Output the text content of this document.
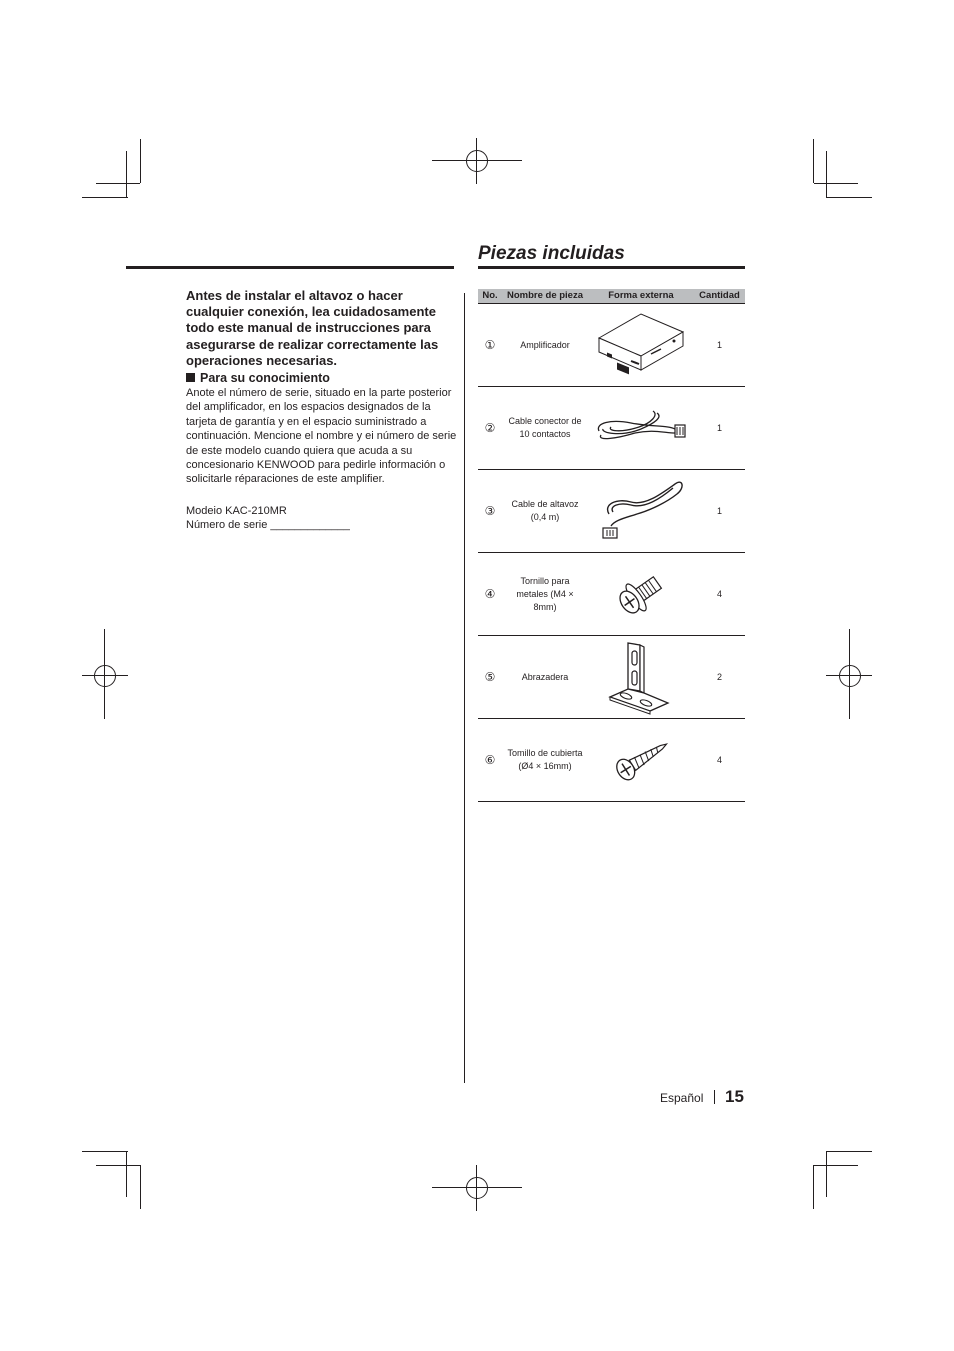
Piezas incluidas

Antes de instalar el altavoz o hacer cualquier conexión, lea cuidadosamente todo este manual de instrucciones para asegurarse de realizar correctamente las operaciones necesarias.

Para su conocimiento

Anote el número de serie, situado en la parte posterior del amplificador, en los espacios designados de la tarjeta de garantía y en el espacio suministrado a continuación. Mencione el nombre y ei número de serie de este modelo cuando quiera que acuda a su concesionario KENWOOD para pedirle información o solicitarle réparaciones de este amplifier.

Modeio KAC-210MR
Número de serie _____________
No.	Nombre de pieza	Forma externa	Cantidad
①	Amplificador		1
②	Cable conector de 10 contactos		1
③	Cable de altavoz (0,4 m)		1
④	Tornillo para metales (M4 × 8mm)		4
⑤	Abrazadera		2
⑥	Tomillo de cubierta (Ø4 × 16mm)		4
Español 15
